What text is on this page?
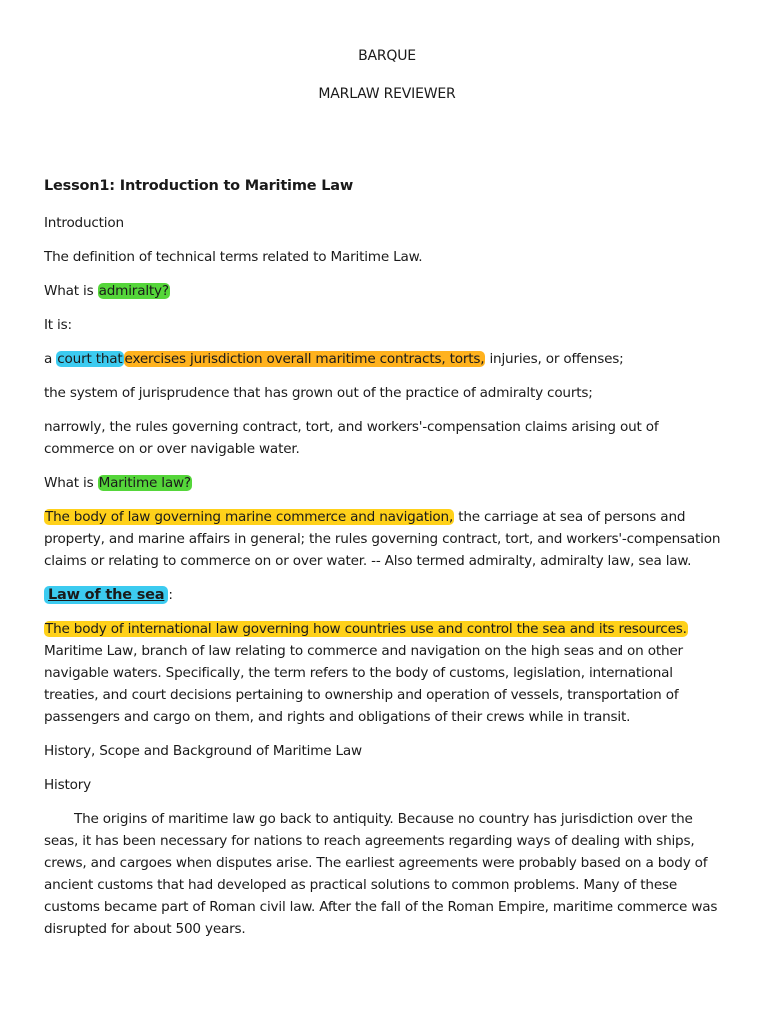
BARQUE
MARLAW REVIEWER
Lesson1: Introduction to Maritime Law

Introduction

The definition of technical terms related to Maritime Law.

What is admiralty?

It is:

a court that exercises jurisdiction overall maritime contracts, torts, injuries, or offenses;

the system of jurisprudence that has grown out of the practice of admiralty courts;

narrowly, the rules governing contract, tort, and workers'-compensation claims arising out of commerce on or over navigable water.

What is Maritime law?

The body of law governing marine commerce and navigation, the carriage at sea of persons and property, and marine affairs in general; the rules governing contract, tort, and workers'-compensation claims or relating to commerce on or over water. -- Also termed admiralty, admiralty law, sea law.

Law of the sea :

The body of international law governing how countries use and control the sea and its resources. Maritime Law, branch of law relating to commerce and navigation on the high seas and on other navigable waters. Specifically, the term refers to the body of customs, legislation, international treaties, and court decisions pertaining to ownership and operation of vessels, transportation of passengers and cargo on them, and rights and obligations of their crews while in transit.

History, Scope and Background of Maritime Law

History

The origins of maritime law go back to antiquity. Because no country has jurisdiction over the seas, it has been necessary for nations to reach agreements regarding ways of dealing with ships, crews, and cargoes when disputes arise. The earliest agreements were probably based on a body of ancient customs that had developed as practical solutions to common problems. Many of these customs became part of Roman civil law. After the fall of the Roman Empire, maritime commerce was disrupted for about 500 years.
